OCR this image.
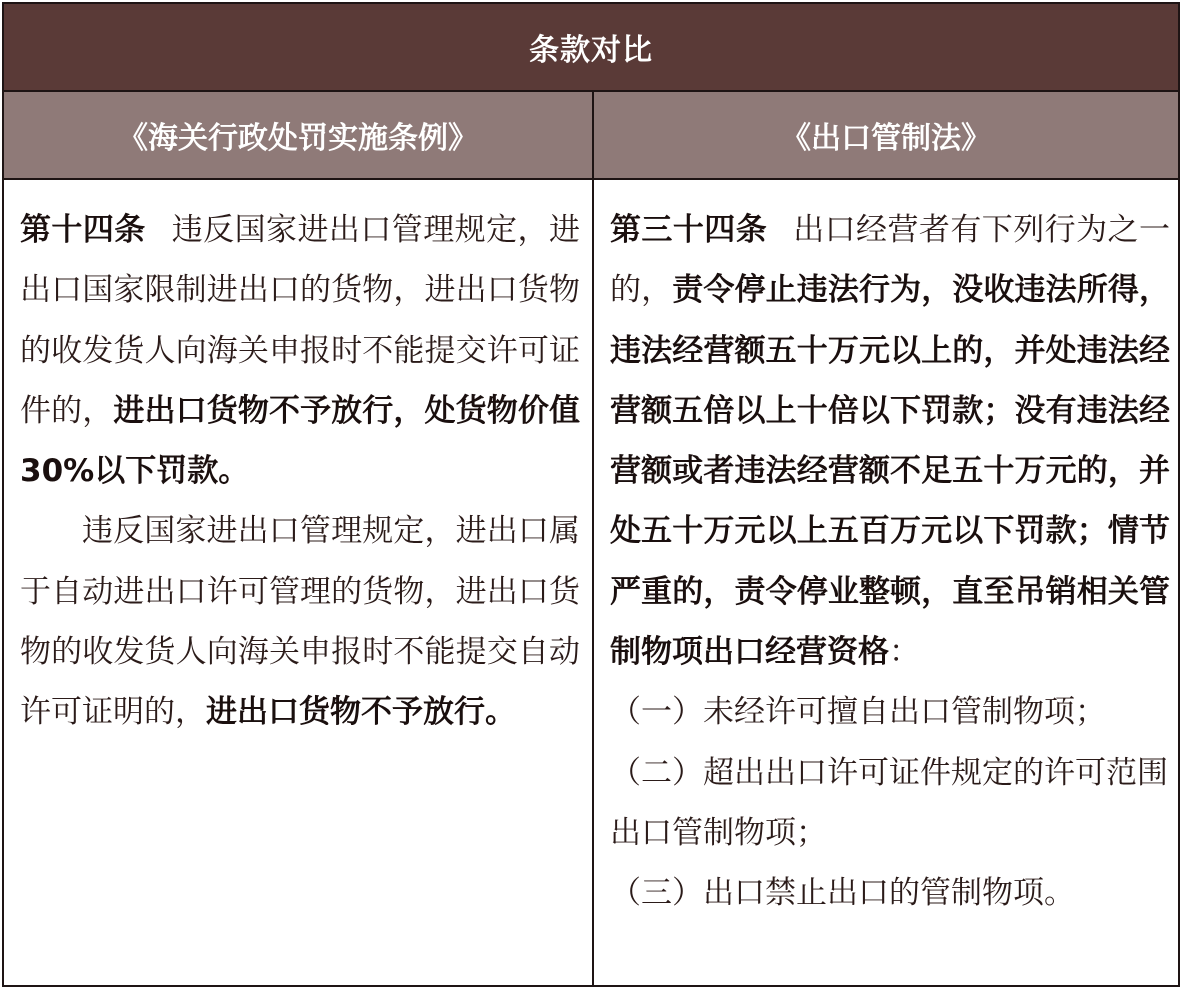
条款对比
《海关行政处罚实施条例》	《出口管制法》

第十四条 违反国家进出口管理规定，进出口国家限制进出口的货物，进出口货物的收发货人向海关申报时不能提交许可证件的，进出口货物不予放行，处货物价值30%以下罚款。

违反国家进出口管理规定，进出口属于自动进出口许可管理的货物，进出口货物的收发货人向海关申报时不能提交自动许可证明的，进出口货物不予放行。

第三十四条 出口经营者有下列行为之一的，责令停止违法行为，没收违法所得，违法经营额五十万元以上的，并处违法经营额五倍以上十倍以下罚款；没有违法经营额或者违法经营额不足五十万元的，并处五十万元以上五百万元以下罚款；情节严重的，责令停业整顿，直至吊销相关管制物项出口经营资格：

（一）未经许可擅自出口管制物项；

（二）超出出口许可证件规定的许可范围出口管制物项；

（三）出口禁止出口的管制物项。
